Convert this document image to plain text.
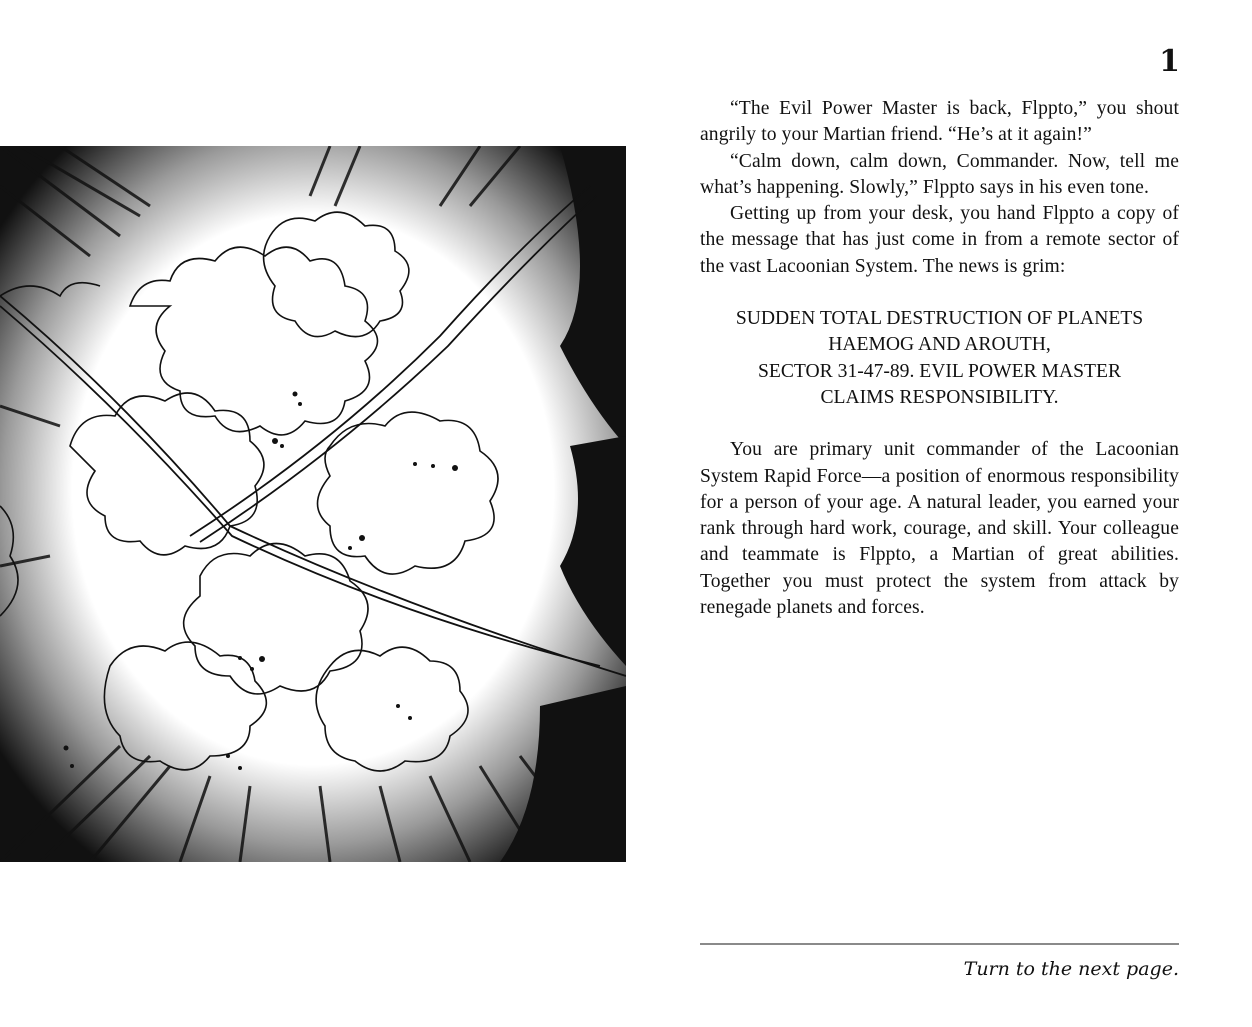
1

“The Evil Power Master is back, Flppto,” you shout angrily to your Martian friend. “He’s at it again!”

“Calm down, calm down, Commander. Now, tell me what’s happening. Slowly,” Flppto says in his even tone.

Getting up from your desk, you hand Flppto a copy of the message that has just come in from a remote sector of the vast Lacoonian System. The news is grim:

SUDDEN TOTAL DESTRUCTION OF PLANETS
HAEMOG AND AROUTH,
SECTOR 31-47-89. EVIL POWER MASTER
CLAIMS RESPONSIBILITY.

You are primary unit commander of the Lacoonian System Rapid Force—a position of enormous responsibility for a person of your age. A natural leader, you earned your rank through hard work, courage, and skill. Your colleague and teammate is Flppto, a Martian of great abilities. Together you must protect the system from attack by renegade planets and forces.

Turn to the next page.
